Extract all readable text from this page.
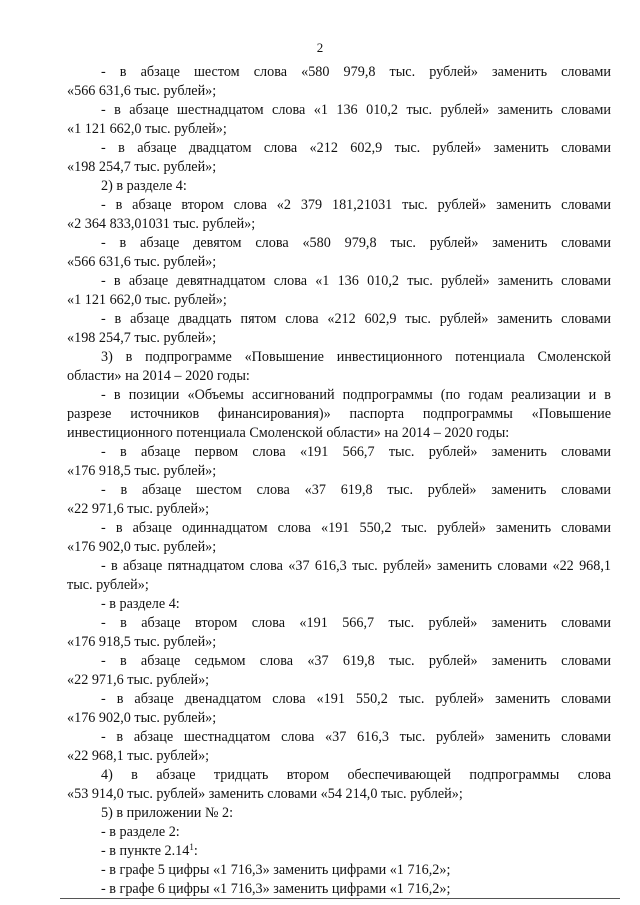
2
- в абзаце шестом слова «580 979,8 тыс. рублей» заменить словами
«566 631,6 тыс. рублей»;
- в абзаце шестнадцатом слова «1 136 010,2 тыс. рублей» заменить словами
«1 121 662,0 тыс. рублей»;
- в абзаце двадцатом слова «212 602,9 тыс. рублей» заменить словами
«198 254,7 тыс. рублей»;
2) в разделе 4:
- в абзаце втором слова «2 379 181,21031 тыс. рублей» заменить словами
«2 364 833,01031 тыс. рублей»;
- в абзаце девятом слова «580 979,8 тыс. рублей» заменить словами
«566 631,6 тыс. рублей»;
- в абзаце девятнадцатом слова «1 136 010,2 тыс. рублей» заменить словами
«1 121 662,0 тыс. рублей»;
- в абзаце двадцать пятом слова «212 602,9 тыс. рублей» заменить словами
«198 254,7 тыс. рублей»;
3) в подпрограмме «Повышение инвестиционного потенциала Смоленской
области» на 2014 – 2020 годы:
- в позиции «Объемы ассигнований подпрограммы (по годам реализации и в
разрезе источников финансирования)» паспорта подпрограммы «Повышение
инвестиционного потенциала Смоленской области» на 2014 – 2020 годы:
- в абзаце первом слова «191 566,7 тыс. рублей» заменить словами
«176 918,5 тыс. рублей»;
- в абзаце шестом слова «37 619,8 тыс. рублей» заменить словами
«22 971,6 тыс. рублей»;
- в абзаце одиннадцатом слова «191 550,2 тыс. рублей» заменить словами
«176 902,0 тыс. рублей»;
- в абзаце пятнадцатом слова «37 616,3 тыс. рублей» заменить словами «22 968,1
тыс. рублей»;
- в разделе 4:
- в абзаце втором слова «191 566,7 тыс. рублей» заменить словами
«176 918,5 тыс. рублей»;
- в абзаце седьмом слова «37 619,8 тыс. рублей» заменить словами
«22 971,6 тыс. рублей»;
- в абзаце двенадцатом слова «191 550,2 тыс. рублей» заменить словами
«176 902,0 тыс. рублей»;
- в абзаце шестнадцатом слова «37 616,3 тыс. рублей» заменить словами
«22 968,1 тыс. рублей»;
4) в абзаце тридцать втором обеспечивающей подпрограммы слова
«53 914,0 тыс. рублей» заменить словами «54 214,0 тыс. рублей»;
5) в приложении № 2:
- в разделе 2:
- в пункте 2.14$^1$:
- в графе 5 цифры «1 716,3» заменить цифрами «1 716,2»;
- в графе 6 цифры «1 716,3» заменить цифрами «1 716,2»;
